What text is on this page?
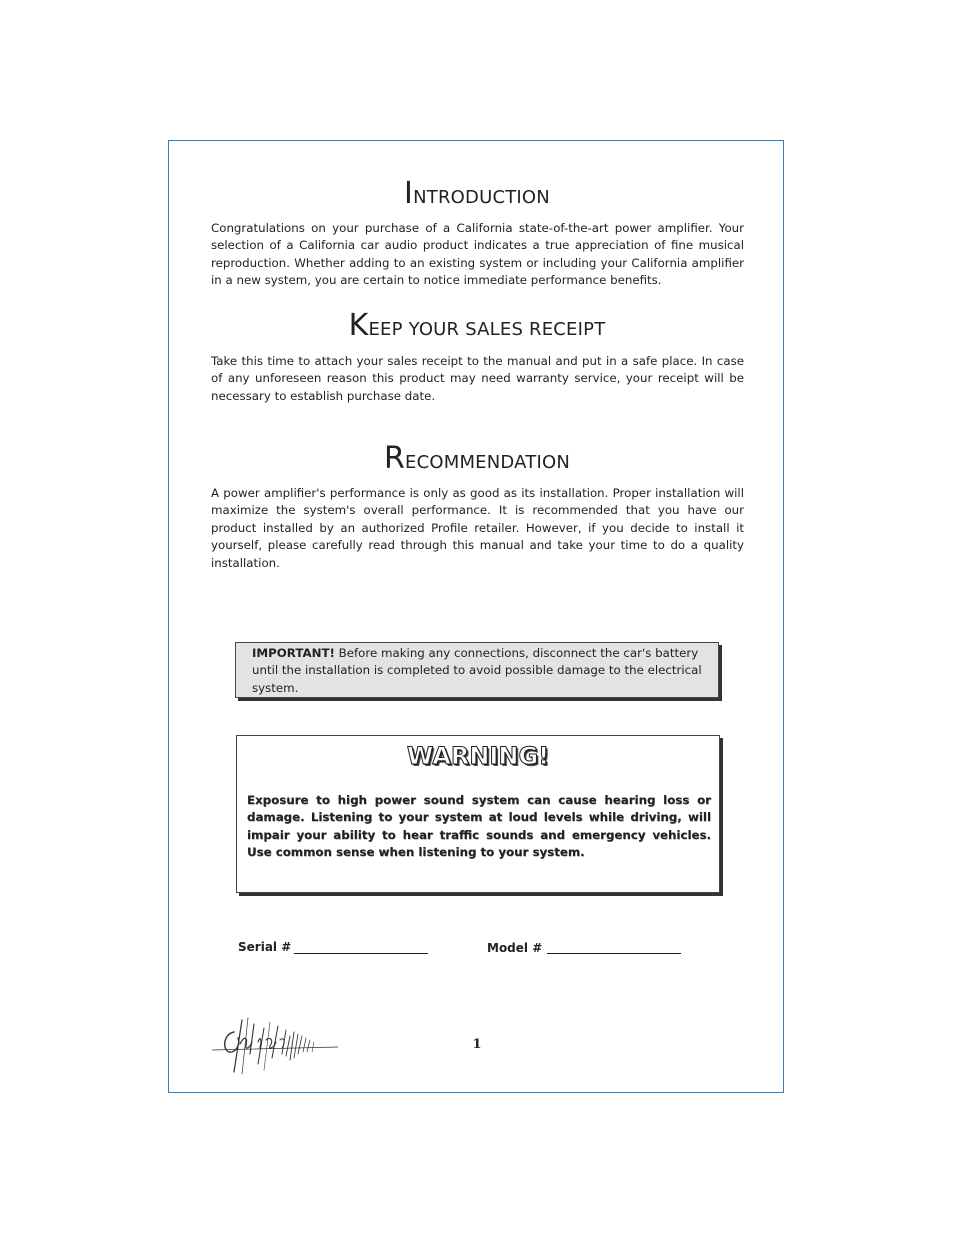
INTRODUCTION

Congratulations on your purchase of a California state-of-the-art power amplifier. Your selection of a California car audio product indicates a true appreciation of fine musical reproduction. Whether adding to an existing system or including your California amplifier in a new system, you are certain to notice immediate performance benefits.

KEEP YOUR SALES RECEIPT

Take this time to attach your sales receipt to the manual and put in a safe place. In case of any unforeseen reason this product may need warranty service, your receipt will be necessary to establish purchase date.

RECOMMENDATION

A power amplifier's performance is only as good as its installation. Proper installation will maximize the system's overall performance. It is recommended that you have our product installed by an authorized Profile retailer. However, if you decide to install it yourself, please carefully read through this manual and take your time to do a quality installation.

IMPORTANT! Before making any connections, disconnect the car's battery until the installation is completed to avoid possible damage to the electrical system.

WARNING!

Exposure to high power sound system can cause hearing loss or damage. Listening to your system at loud levels while driving, will impair your ability to hear traffic sounds and emergency vehicles. Use common sense when listening to your system.

Serial #	Model #
1
